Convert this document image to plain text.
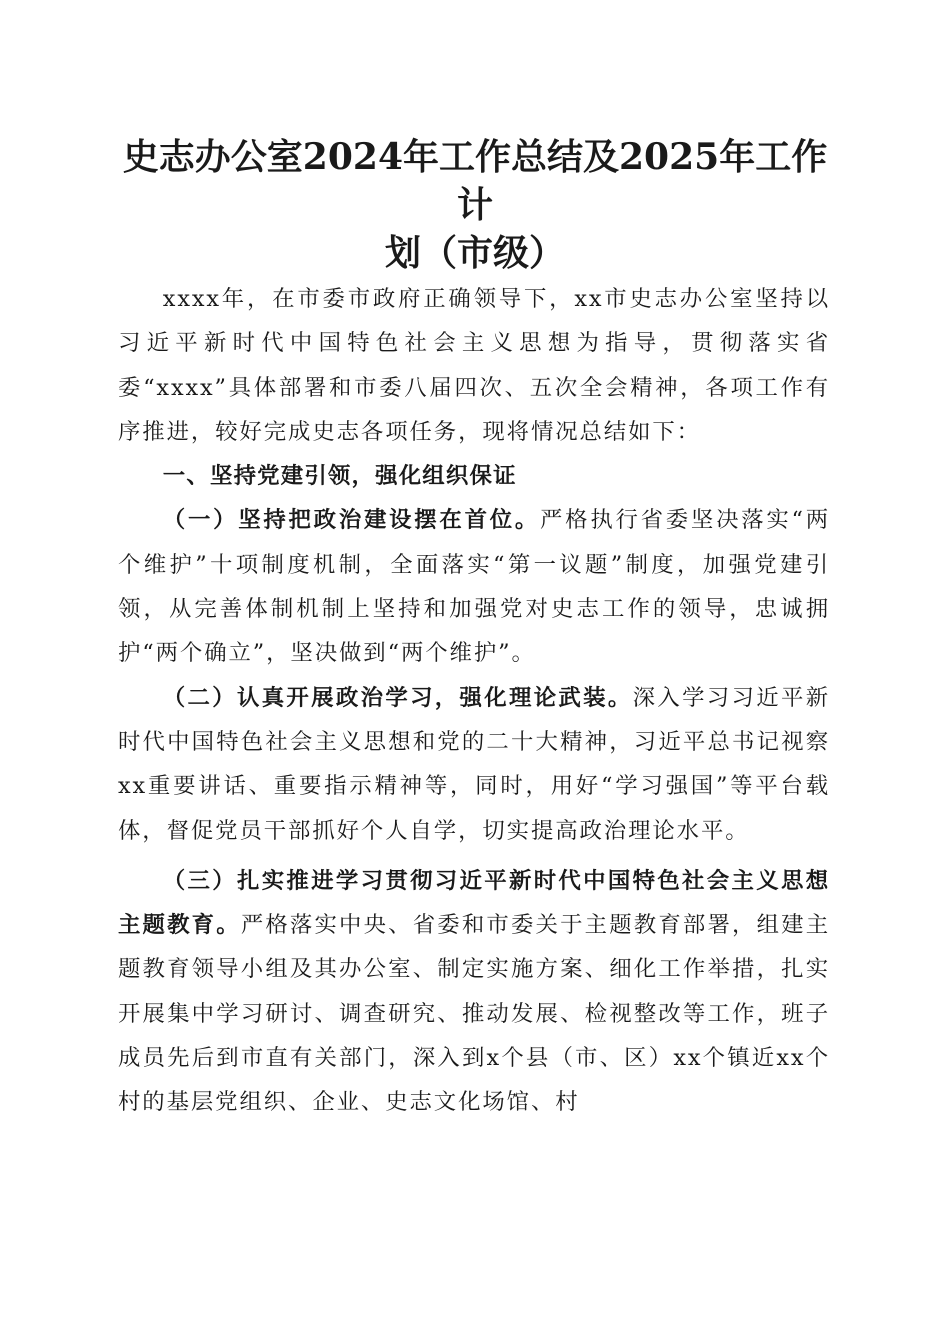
史志办公室2024年工作总结及2025年工作计
划（市级）

xxxx年，在市委市政府正确领导下，xx市史志办公室坚持以习近平新时代中国特色社会主义思想为指导，贯彻落实省委“xxxx”具体部署和市委八届四次、五次全会精神，各项工作有序推进，较好完成史志各项任务，现将情况总结如下：

一、坚持党建引领，强化组织保证

（一）坚持把政治建设摆在首位。严格执行省委坚决落实“两个维护”十项制度机制，全面落实“第一议题”制度，加强党建引领，从完善体制机制上坚持和加强党对史志工作的领导，忠诚拥护“两个确立”，坚决做到“两个维护”。

（二）认真开展政治学习，强化理论武装。深入学习习近平新时代中国特色社会主义思想和党的二十大精神，习近平总书记视察xx重要讲话、重要指示精神等，同时，用好“学习强国”等平台载体，督促党员干部抓好个人自学，切实提高政治理论水平。

（三）扎实推进学习贯彻习近平新时代中国特色社会主义思想主题教育。严格落实中央、省委和市委关于主题教育部署，组建主题教育领导小组及其办公室、制定实施方案、细化工作举措，扎实开展集中学习研讨、调查研究、推动发展、检视整改等工作，班子成员先后到市直有关部门，深入到x个县（市、区）xx个镇近xx个村的基层党组织、企业、史志文化场馆、村
